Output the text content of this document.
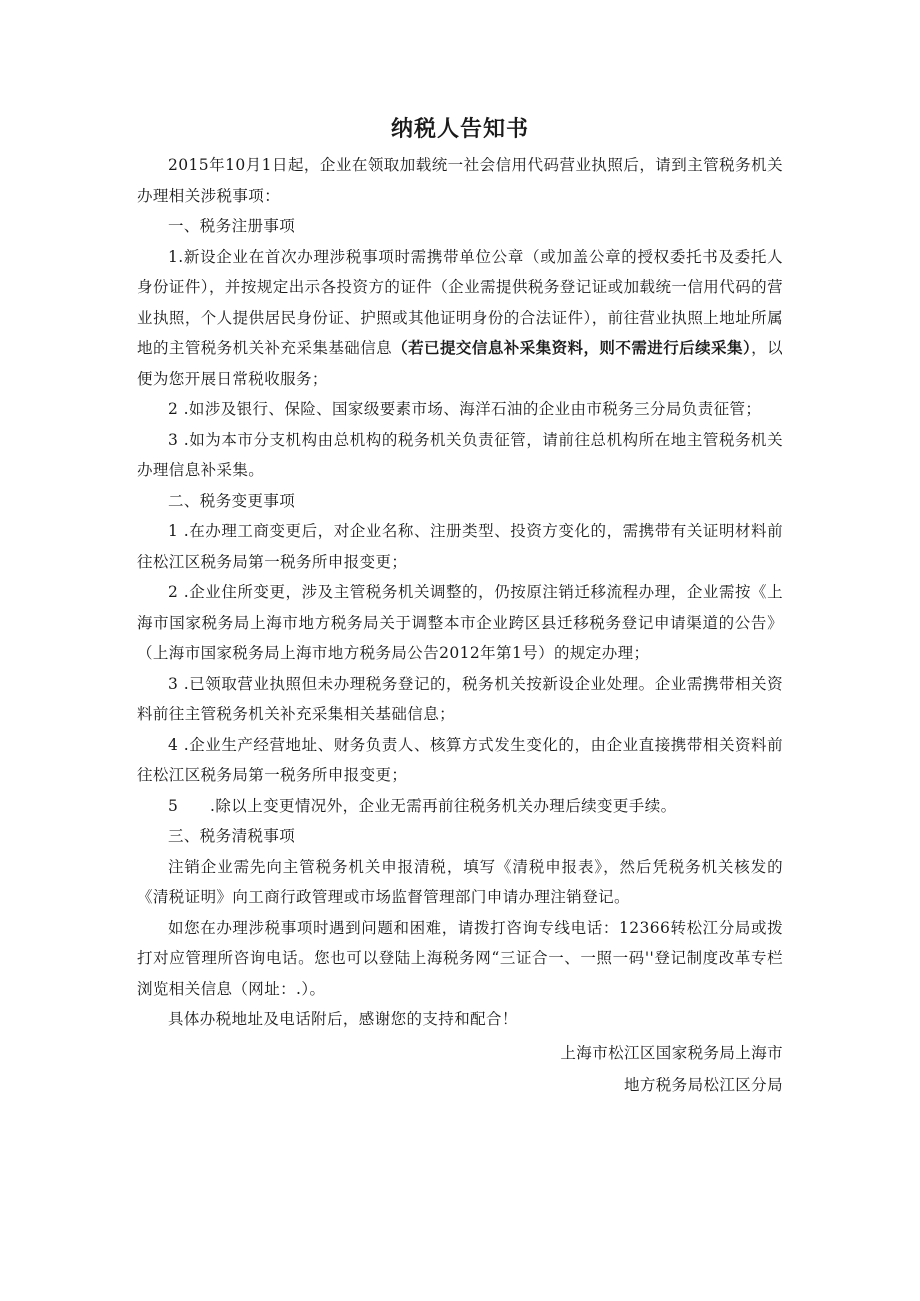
纳税人告知书

2015年10月1日起，企业在领取加载统一社会信用代码营业执照后，请到主管税务机关办理相关涉税事项：

一、税务注册事项

1.新设企业在首次办理涉税事项时需携带单位公章（或加盖公章的授权委托书及委托人身份证件），并按规定出示各投资方的证件（企业需提供税务登记证或加载统一信用代码的营业执照，个人提供居民身份证、护照或其他证明身份的合法证件），前往营业执照上地址所属地的主管税务机关补充采集基础信息（若已提交信息补采集资料，则不需进行后续采集），以便为您开展日常税收服务；

2 .如涉及银行、保险、国家级要素市场、海洋石油的企业由市税务三分局负责征管；

3 .如为本市分支机构由总机构的税务机关负责征管，请前往总机构所在地主管税务机关办理信息补采集。

二、税务变更事项

1 .在办理工商变更后，对企业名称、注册类型、投资方变化的，需携带有关证明材料前往松江区税务局第一税务所申报变更；

2 .企业住所变更，涉及主管税务机关调整的，仍按原注销迁移流程办理，企业需按《上海市国家税务局上海市地方税务局关于调整本市企业跨区县迁移税务登记申请渠道的公告》（上海市国家税务局上海市地方税务局公告2012年第1号）的规定办理；

3 .已领取营业执照但未办理税务登记的，税务机关按新设企业处理。企业需携带相关资料前往主管税务机关补充采集相关基础信息；

4 .企业生产经营地址、财务负责人、核算方式发生变化的，由企业直接携带相关资料前往松江区税务局第一税务所申报变更；

5　　.除以上变更情况外，企业无需再前往税务机关办理后续变更手续。

三、税务清税事项

注销企业需先向主管税务机关申报清税，填写《清税申报表》，然后凭税务机关核发的《清税证明》向工商行政管理或市场监督管理部门申请办理注销登记。

如您在办理涉税事项时遇到问题和困难，请拨打咨询专线电话：12366转松江分局或拨打对应管理所咨询电话。您也可以登陆上海税务网“三证合一、一照一码''登记制度改革专栏浏览相关信息（网址：.）。

具体办税地址及电话附后，感谢您的支持和配合！

上海市松江区国家税务局上海市

地方税务局松江区分局
